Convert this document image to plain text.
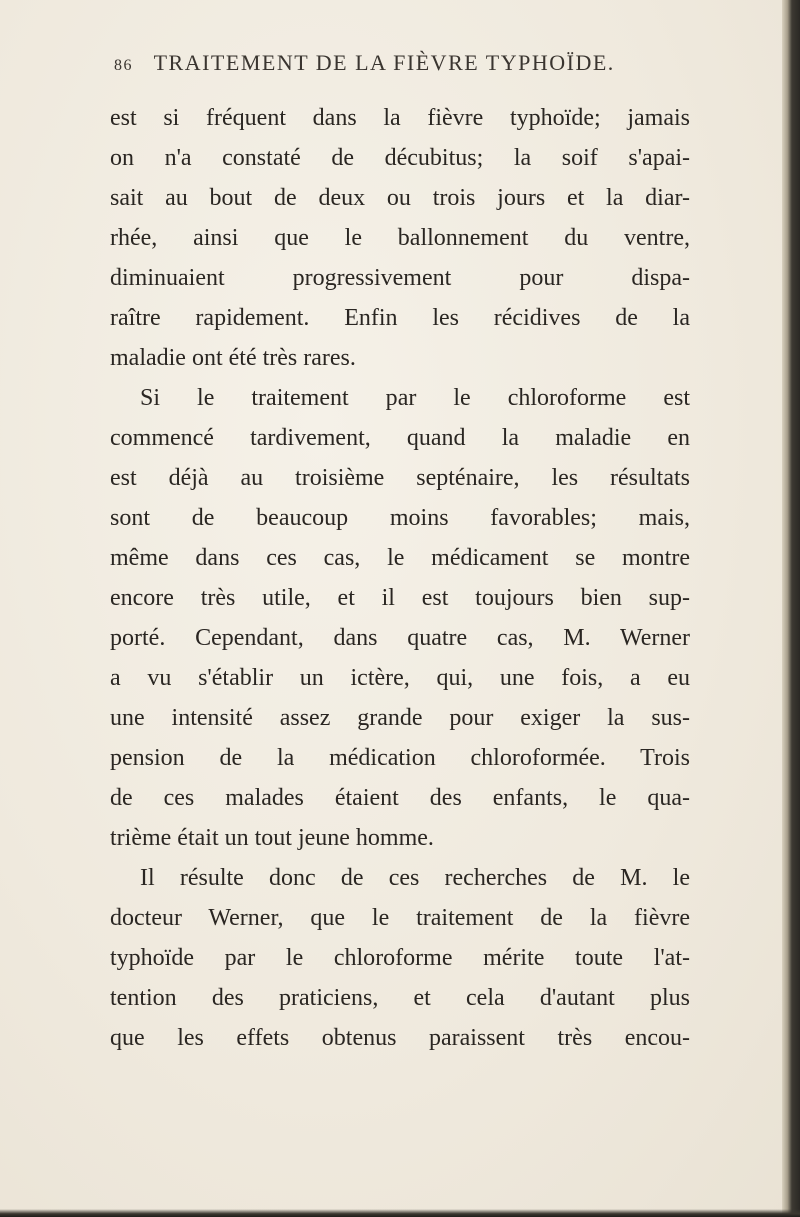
86 TRAITEMENT DE LA FIÈVRE TYPHOÏDE.
est si fréquent dans la fièvre typhoïde; jamais
on n'a constaté de décubitus; la soif s'apai-
sait au bout de deux ou trois jours et la diar-
rhée, ainsi que le ballonnement du ventre,
diminuaient progressivement pour dispa-
raître rapidement. Enfin les récidives de la
maladie ont été très rares.
Si le traitement par le chloroforme est
commencé tardivement, quand la maladie en
est déjà au troisième septénaire, les résultats
sont de beaucoup moins favorables; mais,
même dans ces cas, le médicament se montre
encore très utile, et il est toujours bien sup-
porté. Cependant, dans quatre cas, M. Werner
a vu s'établir un ictère, qui, une fois, a eu
une intensité assez grande pour exiger la sus-
pension de la médication chloroformée. Trois
de ces malades étaient des enfants, le qua-
trième était un tout jeune homme.
Il résulte donc de ces recherches de M. le
docteur Werner, que le traitement de la fièvre
typhoïde par le chloroforme mérite toute l'at-
tention des praticiens, et cela d'autant plus
que les effets obtenus paraissent très encou-
